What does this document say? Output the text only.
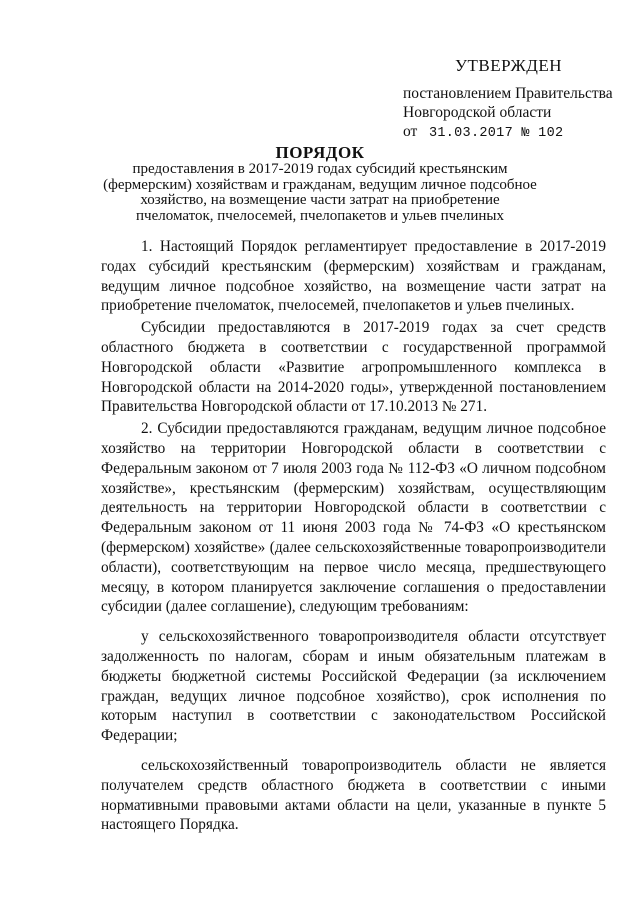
УТВЕРЖДЕН
постановлением Правительства
Новгородской области
от 31.03.2017 № 102
ПОРЯДОК
предоставления в 2017-2019 годах субсидий крестьянским (фермерским) хозяйствам и гражданам, ведущим личное подсобное хозяйство, на возмещение части затрат на приобретение пчеломаток, пчелосемей, пчелопакетов и ульев пчелиных

1. Настоящий Порядок регламентирует предоставление в 2017-2019 годах субсидий крестьянским (фермерским) хозяйствам и гражданам, ведущим личное подсобное хозяйство, на возмещение части затрат на приобретение пчеломаток, пчелосемей, пчелопакетов и ульев пчелиных.

Субсидии предоставляются в 2017-2019 годах за счет средств областного бюджета в соответствии с государственной программой Новгородской области «Развитие агропромышленного комплекса в Новгородской области на 2014-2020 годы», утвержденной постановлением Правительства Новгородской области от 17.10.2013 № 271.

2. Субсидии предоставляются гражданам, ведущим личное подсобное хозяйство на территории Новгородской области в соответствии с Федеральным законом от 7 июля 2003 года № 112-ФЗ «О личном подсобном хозяйстве», крестьянским (фермерским) хозяйствам, осуществляющим деятельность на территории Новгородской области в соответствии с Федеральным законом от 11 июня 2003 года № 74-ФЗ «О крестьянском (фермерском) хозяйстве» (далее сельскохозяйственные товаропроизводители области), соответствующим на первое число месяца, предшествующего месяцу, в котором планируется заключение соглашения о предоставлении субсидии (далее соглашение), следующим требованиям:

у сельскохозяйственного товаропроизводителя области отсутствует задолженность по налогам, сборам и иным обязательным платежам в бюджеты бюджетной системы Российской Федерации (за исключением граждан, ведущих личное подсобное хозяйство), срок исполнения по которым наступил в соответствии с законодательством Российской Федерации;

сельскохозяйственный товаропроизводитель области не является получателем средств областного бюджета в соответствии с иными нормативными правовыми актами области на цели, указанные в пункте 5 настоящего Порядка.
